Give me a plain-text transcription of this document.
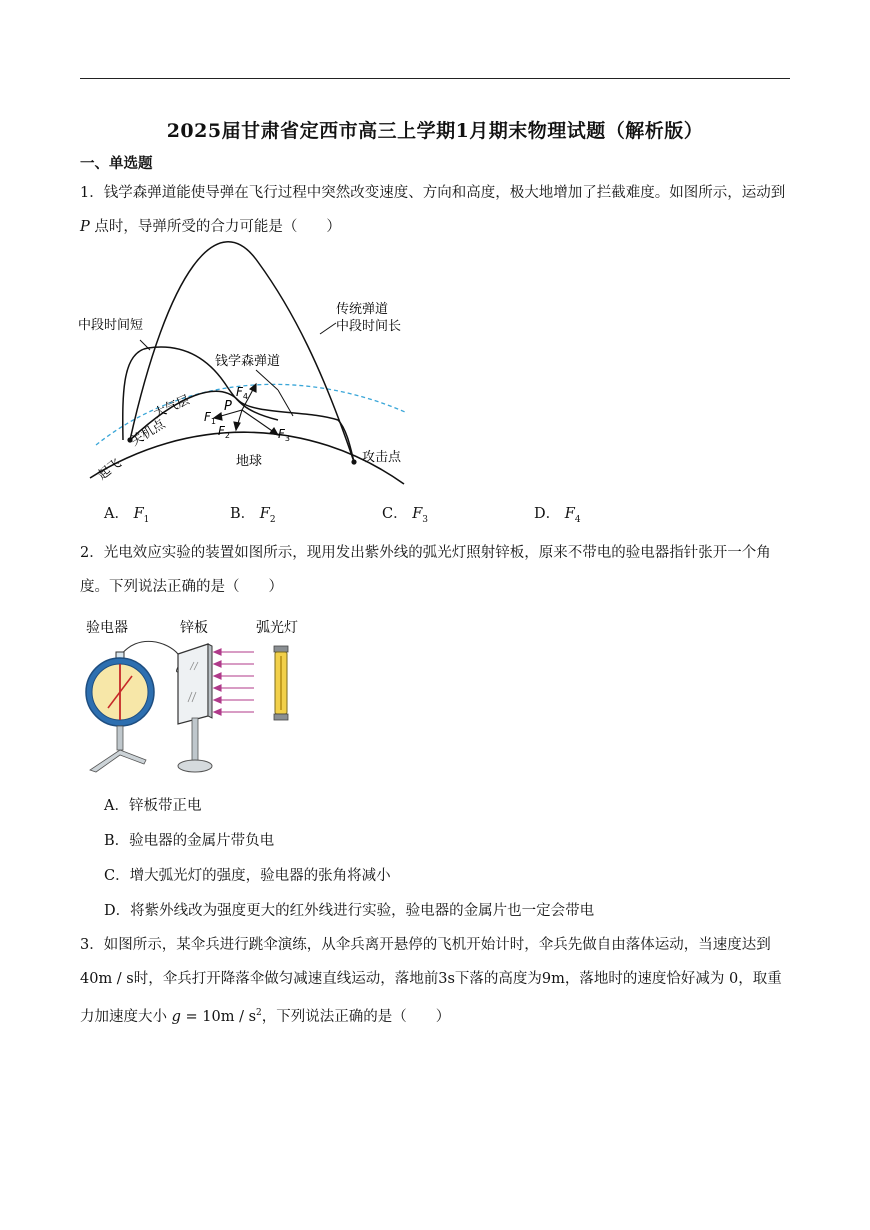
2025届甘肃省定西市高三上学期1月期末物理试题（解析版）
一、单选题
1．钱学森弹道能使导弹在飞行过程中突然改变速度、方向和高度，极大地增加了拦截难度。如图所示，运动到 P 点时，导弹所受的合力可能是（　　）
中段时间短
传统弹道
中段时间长
钱学森弹道
大气层
关机点
起飞	地球	攻击点
P
$F_1$
$F_2$	$F_3$
$F_4$
A． $F_1$	B． $F_2$	C． $F_3$	D． $F_4$
2．光电效应实验的装置如图所示，现用发出紫外线的弧光灯照射锌板，原来不带电的验电器指针张开一个角度。下列说法正确的是（　　）
验电器	锌板	弧光灯
A．锌板带正电
B．验电器的金属片带负电
C．增大弧光灯的强度，验电器的张角将减小
D．将紫外线改为强度更大的红外线进行实验，验电器的金属片也一定会带电
3．如图所示，某伞兵进行跳伞演练，从伞兵离开悬停的飞机开始计时，伞兵先做自由落体运动，当速度达到40m / s时，伞兵打开降落伞做匀减速直线运动，落地前3s下落的高度为9m，落地时的速度恰好减为 0，取重力加速度大小 $g = 10m / s^2$，下列说法正确的是（　　）
